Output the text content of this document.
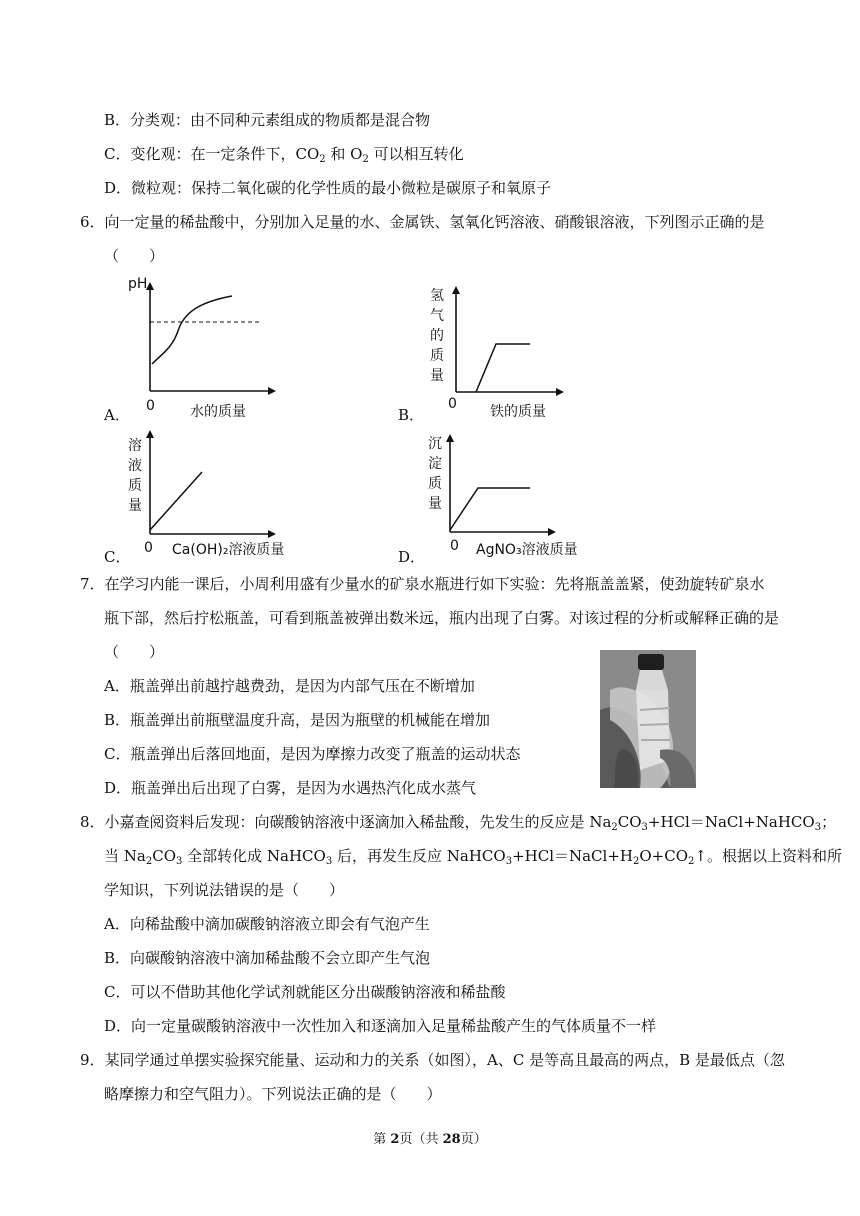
B．分类观：由不同种元素组成的物质都是混合物
C．变化观：在一定条件下，$CO_2$ 和 $O_2$ 可以相互转化
D．微粒观：保持二氧化碳的化学性质的最小微粒是碳原子和氧原子
6．向一定量的稀盐酸中，分别加入足量的水、金属铁、氢氧化钙溶液、硝酸银溶液，下列图示正确的是
（　　）
A．
pH
0	水的质量	B．
氢
气
的
质
量
0 铁的质量
C．
溶
液
质
量
0 Ca(OH)₂溶液质量	D．
沉
淀
质
量
0 AgNO₃溶液质量
7．在学习内能一课后，小周利用盛有少量水的矿泉水瓶进行如下实验：先将瓶盖盖紧，使劲旋转矿泉水
瓶下部，然后拧松瓶盖，可看到瓶盖被弹出数米远，瓶内出现了白雾。对该过程的分析或解释正确的是
（　　）
A．瓶盖弹出前越拧越费劲，是因为内部气压在不断增加
B．瓶盖弹出前瓶壁温度升高，是因为瓶壁的机械能在增加
C．瓶盖弹出后落回地面，是因为摩擦力改变了瓶盖的运动状态
D．瓶盖弹出后出现了白雾，是因为水遇热汽化成水蒸气
8．小嘉查阅资料后发现：向碳酸钠溶液中逐滴加入稀盐酸，先发生的反应是 $Na_2CO_3+HCl=NaCl+NaHCO_3$；
当 $Na_2CO_3$ 全部转化成 NaHCO$_3$ 后，再发生反应 $NaHCO_3+HCl=NaCl+H_2O+CO_2↑$。根据以上资料和所
学知识，下列说法错误的是（　　）
A．向稀盐酸中滴加碳酸钠溶液立即会有气泡产生
B．向碳酸钠溶液中滴加稀盐酸不会立即产生气泡
C．可以不借助其他化学试剂就能区分出碳酸钠溶液和稀盐酸
D．向一定量碳酸钠溶液中一次性加入和逐滴加入足量稀盐酸产生的气体质量不一样
9．某同学通过单摆实验探究能量、运动和力的关系（如图），A、C 是等高且最高的两点，B 是最低点（忽
略摩擦力和空气阻力）。下列说法正确的是（　　）
第 2页（共 28页）
